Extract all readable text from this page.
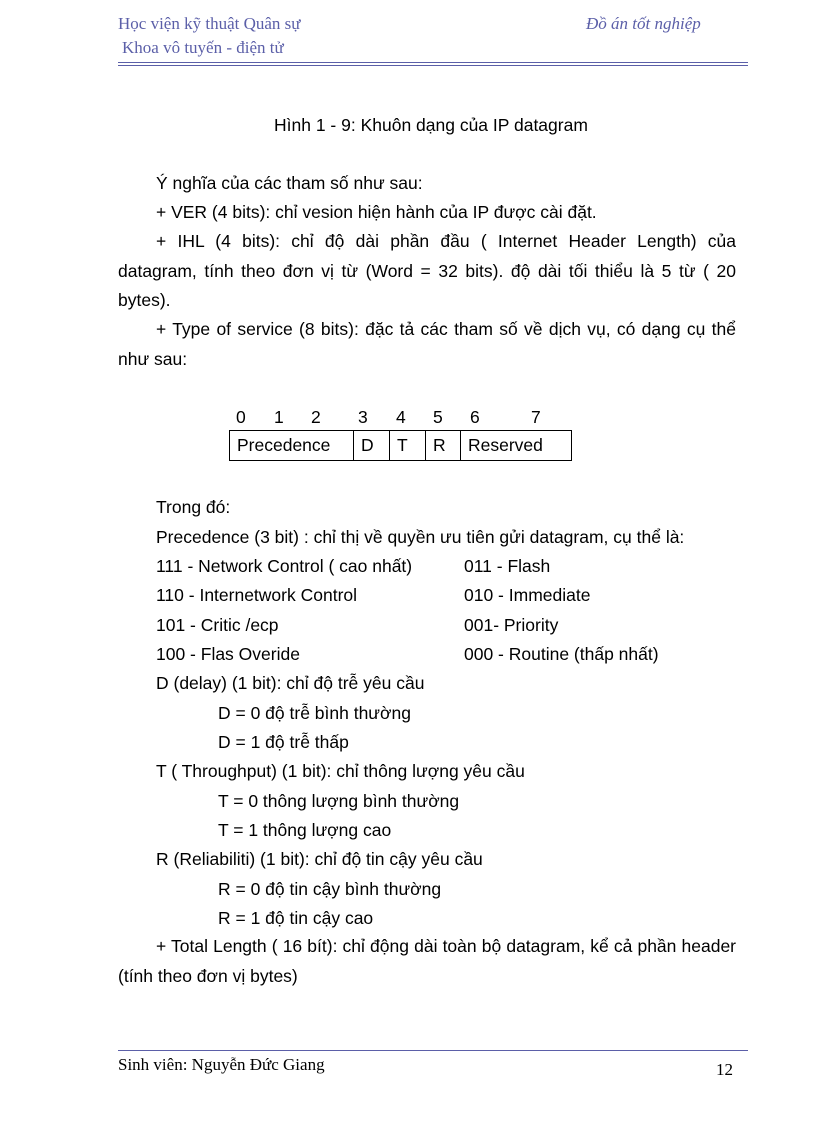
Học viện kỹ thuật Quân sự
Khoa vô tuyến - điện tử
Đồ án tốt nghiệp
Hình 1 - 9: Khuôn dạng của IP datagram
Ý nghĩa của các tham số như sau:
+ VER (4 bits): chỉ vesion hiện hành của IP được cài đặt.
+ IHL (4 bits): chỉ độ dài phần đầu ( Internet Header Length) của datagram, tính theo đơn vị từ (Word = 32 bits). độ dài tối thiểu là 5 từ ( 20 bytes).
+ Type of service (8 bits): đặc tả các tham số về dịch vụ, có dạng cụ thể như sau:
0 1 2 3 4 5 6	7
Precedence	D	T	R	Reserved
Trong đó:
Precedence (3 bit) : chỉ thị về quyền ưu tiên gửi datagram, cụ thể là:
111 - Network Control ( cao nhất)	011 - Flash
110 - Internetwork Control	010 - Immediate
101 - Critic /ecp	001- Priority
100 - Flas Overide	000 - Routine (thấp nhất)
D (delay) (1 bit): chỉ độ trễ yêu cầu
D = 0 độ trễ bình thường
D = 1 độ trễ thấp
T ( Throughput) (1 bit): chỉ thông lượng yêu cầu
T = 0 thông lượng bình thường
T = 1 thông lượng cao
R (Reliabiliti) (1 bit): chỉ độ tin cậy yêu cầu
R = 0 độ tin cậy bình thường
R = 1 độ tin cậy cao
+ Total Length ( 16 bít): chỉ động dài toàn bộ datagram, kể cả phần header (tính theo đơn vị bytes)
Sinh viên: Nguyễn Đức Giang	12
